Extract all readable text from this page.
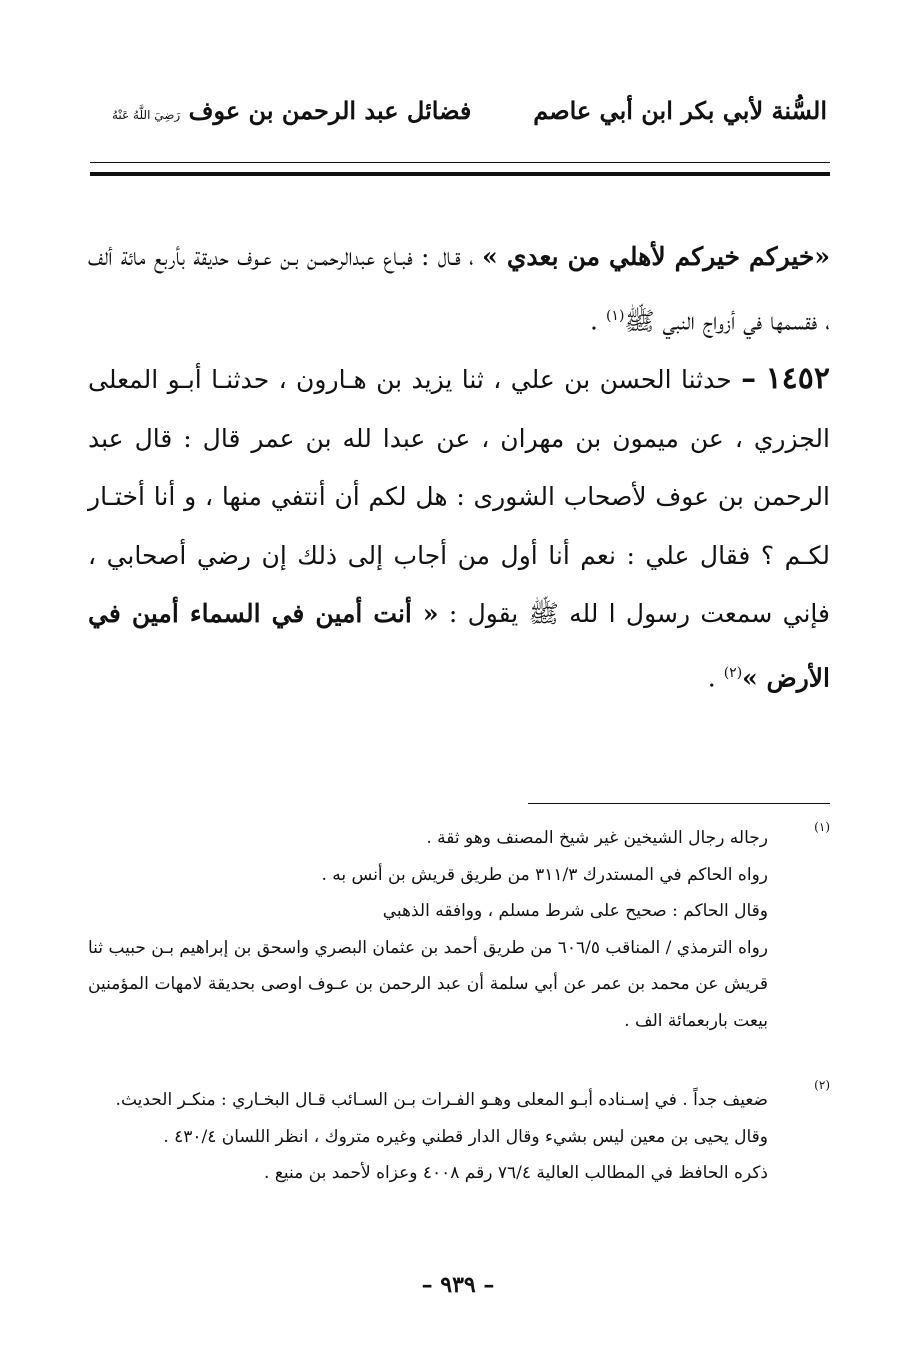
السُّنة لأبي بكر ابن أبي عاصم
فضائل عبد الرحمن بن عوف رَضِيَ اللَّهُ عَنْهُ

«خيركم خيركم لأهلي من بعدي » ، قـال : فبـاع عبدالرحمـن بـن عـوف حديقة بأربع مائة ألف ، فقسمها في أزواج النبي ﷺ$^{(١)}$ .

١٤٥٢ – حدثنا الحسن بن علي ، ثنا يزيد بن هـارون ، حدثنـا أبـو المعلى الجزري ، عن ميمون بن مهران ، عن عبدا لله بن عمر قال : قال عبد الرحمن بن عوف لأصحاب الشورى : هل لكم أن أنتفي منها ، و أنا أختـار لكـم ؟ فقال علي : نعم أنا أول من أجاب إلى ذلك إن رضي أصحابي ، فإني سمعت رسول ا لله ﷺ يقول : « أنت أمين في السماء أمين في الأرض »$^{(٢)}$ .

(١)

رجاله رجال الشيخين غير شيخ المصنف وهو ثقة .

رواه الحاكم في المستدرك ٣١١/٣ من طريق قريش بن أنس به .

وقال الحاكم : صحيح على شرط مسلم ، ووافقه الذهبي

رواه الترمذي / المناقب ٦٠٦/٥ من طريق أحمد بن عثمان البصري واسحق بن إبراهيم بـن حبيب ثنا قريش عن محمد بن عمر عن أبي سلمة أن عبد الرحمن بن عـوف اوصى بحديقة لامهات المؤمنين بيعت باربعمائة الف .

(٢)

ضعيف جداً . في إسـناده أبـو المعلى وهـو الفـرات بـن السـائب قـال البخـاري : منكـر الحديث.

وقال يحيى بن معين ليس بشيء وقال الدار قطني وغيره متروك ، انظر اللسان ٤٣٠/٤ .

ذكره الحافظ في المطالب العالية ٧٦/٤ رقم ٤٠٠٨ وعزاه لأحمد بن منيع .

– ٩٣٩ –
